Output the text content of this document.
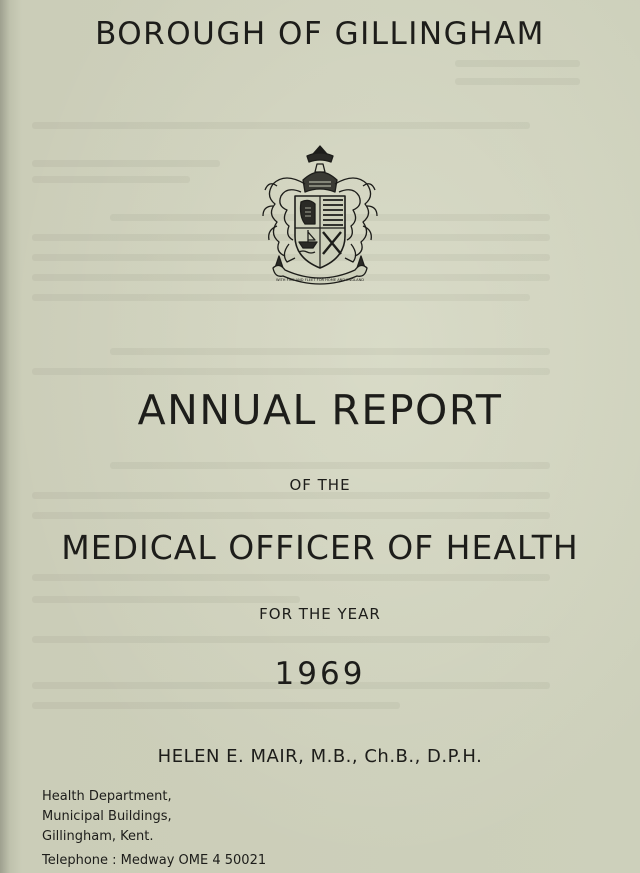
BOROUGH OF GILLINGHAM
WITH FIRE AND FLEET FOR HOME AND ENGLAND
ANNUAL REPORT
OF THE
MEDICAL OFFICER OF HEALTH
FOR THE YEAR
1969
HELEN E. MAIR, M.B., Ch.B., D.P.H.
Health Department,
Municipal Buildings,
Gillingham, Kent.
Telephone : Medway OME 4 50021
